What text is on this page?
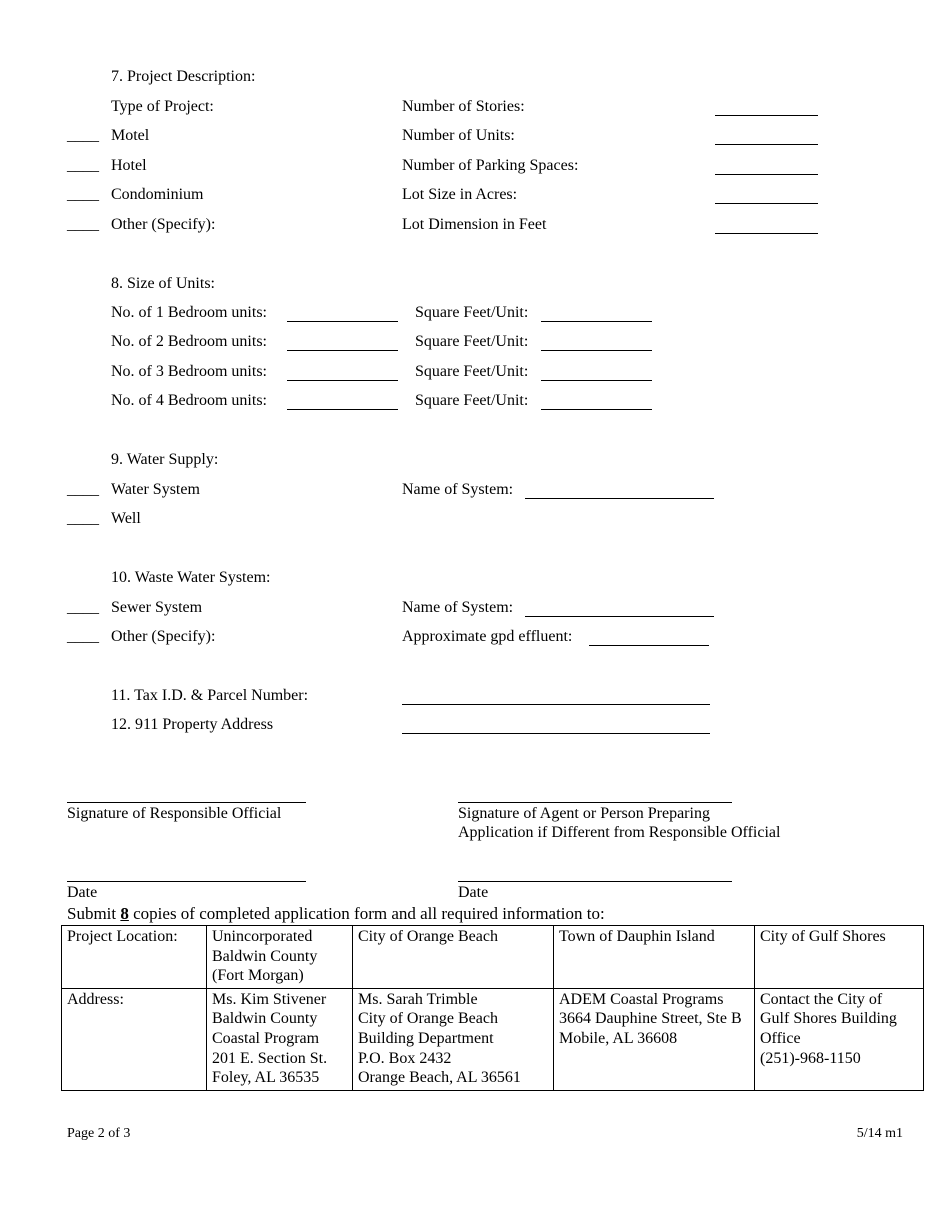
7. Project Description:
Type of Project:
____ Motel
____ Hotel
____ Condominium
____ Other (Specify):
Number of Stories:
Number of Units:
Number of Parking Spaces:
Lot Size in Acres:
Lot Dimension in Feet
8. Size of Units:
No. of 1 Bedroom units:	Square Feet/Unit:
No. of 2 Bedroom units:	Square Feet/Unit:
No. of 3 Bedroom units:	Square Feet/Unit:
No. of 4 Bedroom units:	Square Feet/Unit:
9. Water Supply:
____ Water System	Name of System:
____ Well
10. Waste Water System:
____ Sewer System	Name of System:
____ Other (Specify):	Approximate gpd effluent:
11. Tax I.D. & Parcel Number:
12. 911 Property Address
Signature of Responsible Official	Signature of Agent or Person Preparing
Application if Different from Responsible Official
Date	Date
Submit 8 copies of completed application form and all required information to:
Project Location:	Unincorporated
Baldwin County
(Fort Morgan)	City of Orange Beach	Town of Dauphin Island	City of Gulf Shores
Address:	Ms. Kim Stivener
Baldwin County
Coastal Program
201 E. Section St.
Foley, AL 36535	Ms. Sarah Trimble
City of Orange Beach
Building Department
P.O. Box 2432
Orange Beach, AL 36561	ADEM Coastal Programs
3664 Dauphine Street, Ste B
Mobile, AL 36608	Contact the City of
Gulf Shores Building
Office
(251)-968-1150
Page 2 of 3	5/14 m1
